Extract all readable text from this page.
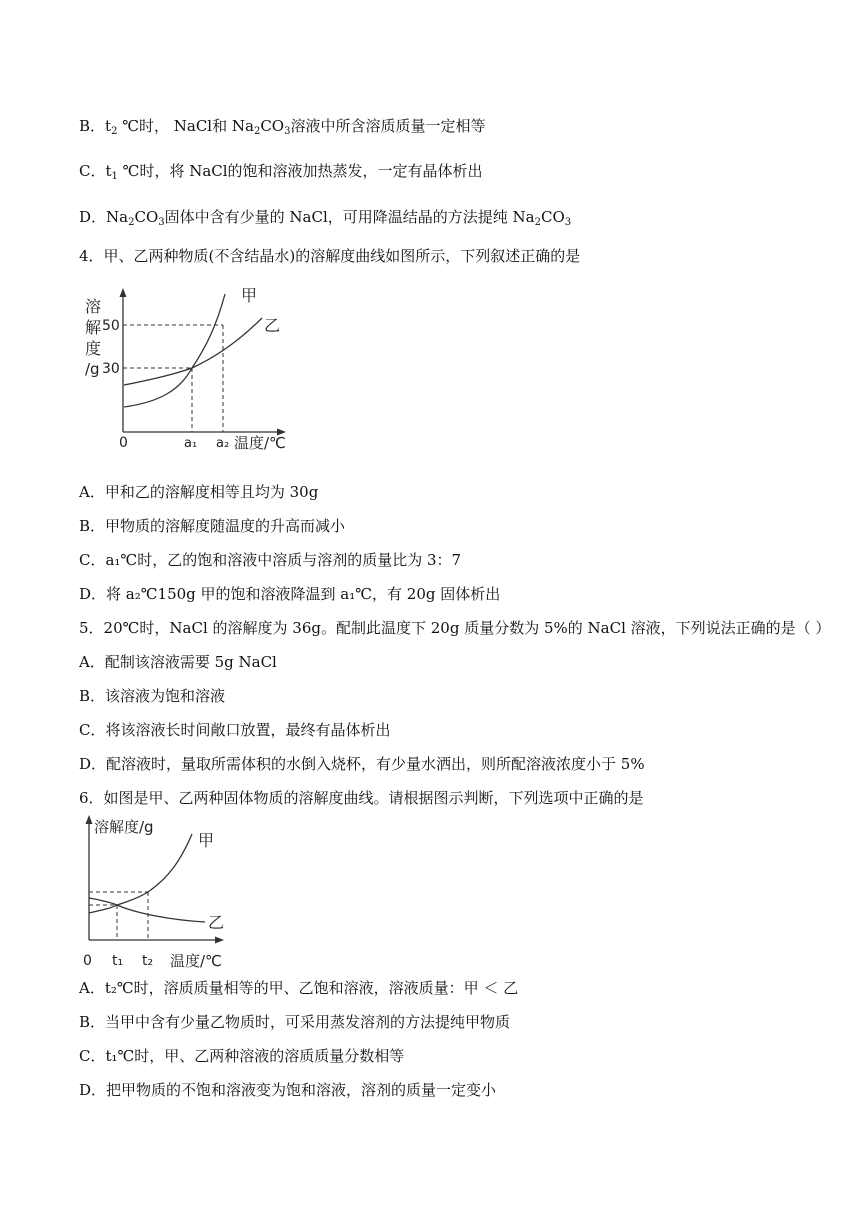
B．$t_2$ ℃时， NaCl和 $Na_2CO_3$溶液中所含溶质质量一定相等
C．$t_1$ ℃时，将 NaCl的饱和溶液加热蒸发，一定有晶体析出
D．$Na_2CO_3$固体中含有少量的 NaCl，可用降温结晶的方法提纯 $Na_2CO_3$
4．甲、乙两种物质(不含结晶水)的溶解度曲线如图所示，下列叙述正确的是
溶
解
度
/g
50
30
0	a₁ a₂ 温度/℃
甲
乙
A．甲和乙的溶解度相等且均为 30g
B．甲物质的溶解度随温度的升高而减小
C．a₁℃时，乙的饱和溶液中溶质与溶剂的质量比为 3：7
D．将 a₂℃150g 甲的饱和溶液降温到 a₁℃，有 20g 固体析出
5．20℃时，NaCl 的溶解度为 36g。配制此温度下 20g 质量分数为 5%的 NaCl 溶液，下列说法正确的是（ ）
A．配制该溶液需要 5g NaCl
B．该溶液为饱和溶液
C．将该溶液长时间敞口放置，最终有晶体析出
D．配溶液时，量取所需体积的水倒入烧杯，有少量水洒出，则所配溶液浓度小于 5%
6．如图是甲、乙两种固体物质的溶解度曲线。请根据图示判断，下列选项中正确的是
溶解度/g
甲
乙
0 t₁ t₂ 温度/℃
A．t₂℃时，溶质质量相等的甲、乙饱和溶液，溶液质量：甲 ＜ 乙
B．当甲中含有少量乙物质时，可采用蒸发溶剂的方法提纯甲物质
C．t₁℃时，甲、乙两种溶液的溶质质量分数相等
D．把甲物质的不饱和溶液变为饱和溶液，溶剂的质量一定变小
